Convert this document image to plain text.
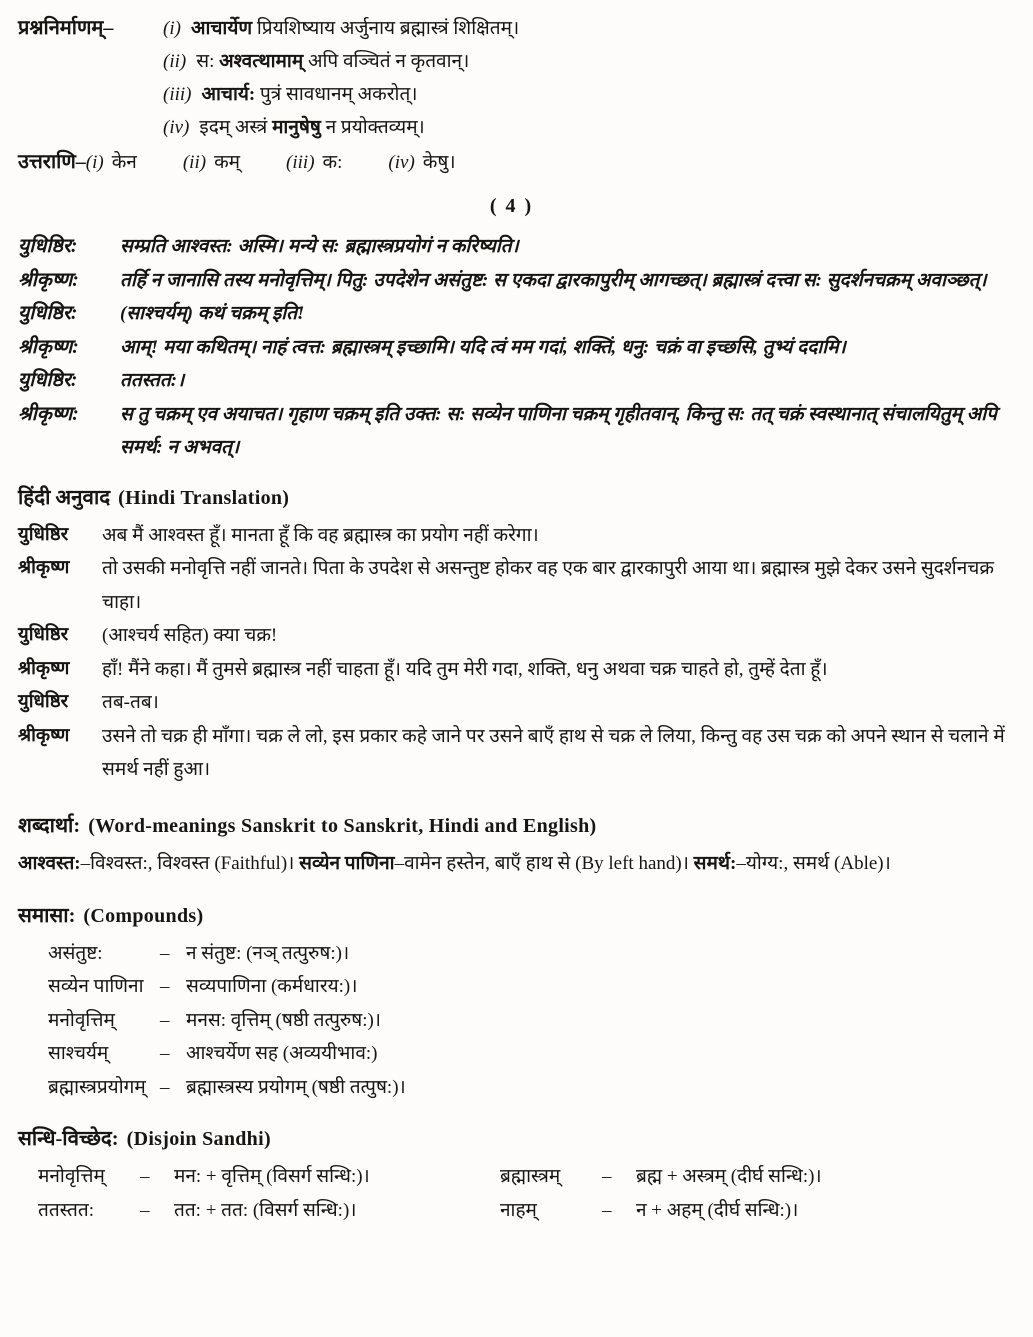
प्रश्ननिर्माणम्–	(i) आचार्येण प्रियशिष्याय अर्जुनाय ब्रह्मास्त्रं शिक्षितम्।
(ii) स: अश्वत्थामाम् अपि वञ्चितं न कृतवान्।
(iii) आचार्य: पुत्रं सावधानम् अकरोत्।
(iv) इदम् अस्त्रं मानुषेषु न प्रयोक्तव्यम्।
उत्तराणि–(i) केन (ii) कम् (iii) क: (iv) केषु।
( 4 )
युधिष्ठिर:	सम्प्रति आश्वस्त: अस्मि। मन्ये स: ब्रह्मास्त्रप्रयोगं न करिष्यति।
श्रीकृष्ण:	तर्हि न जानासि तस्य मनोवृत्तिम्। पितु: उपदेशेन असंतुष्ट: स एकदा द्वारकापुरीम् आगच्छत्। ब्रह्मास्त्रं दत्त्वा स: सुदर्शनचक्रम् अवाञ्छत्।
युधिष्ठिर:	(साश्चर्यम्) कथं चक्रम् इति!
श्रीकृष्ण:	आम्! मया कथितम्। नाहं त्वत्त: ब्रह्मास्त्रम् इच्छामि। यदि त्वं मम गदां, शक्तिं, धनु: चक्रं वा इच्छसि, तुभ्यं ददामि।
युधिष्ठिर:	ततस्तत:।
श्रीकृष्ण:	स तु चक्रम् एव अयाचत। गृहाण चक्रम् इति उक्त: स: सव्येन पाणिना चक्रम् गृहीतवान्, किन्तु स: तत् चक्रं स्वस्थानात् संचालयितुम् अपि समर्थ: न अभवत्।
हिंदी अनुवाद (Hindi Translation)
युधिष्ठिर	अब मैं आश्वस्त हूँ। मानता हूँ कि वह ब्रह्मास्त्र का प्रयोग नहीं करेगा।
श्रीकृष्ण	तो उसकी मनोवृत्ति नहीं जानते। पिता के उपदेश से असन्तुष्ट होकर वह एक बार द्वारकापुरी आया था। ब्रह्मास्त्र मुझे देकर उसने सुदर्शनचक्र चाहा।
युधिष्ठिर	(आश्चर्य सहित) क्या चक्र!
श्रीकृष्ण	हाँ! मैंने कहा। मैं तुमसे ब्रह्मास्त्र नहीं चाहता हूँ। यदि तुम मेरी गदा, शक्ति, धनु अथवा चक्र चाहते हो, तुम्हें देता हूँ।
युधिष्ठिर	तब-तब।
श्रीकृष्ण	उसने तो चक्र ही माँगा। चक्र ले लो, इस प्रकार कहे जाने पर उसने बाएँ हाथ से चक्र ले लिया, किन्तु वह उस चक्र को अपने स्थान से चलाने में समर्थ नहीं हुआ।
शब्दार्था: (Word-meanings Sanskrit to Sanskrit, Hindi and English)
आश्वस्त:–विश्वस्त:, विश्वस्त (Faithful)। सव्येन पाणिना–वामेन हस्तेन, बाएँ हाथ से (By left hand)। समर्थ:–योग्य:, समर्थ (Able)।
समासा: (Compounds)
असंतुष्ट:	– न संतुष्ट: (नञ् तत्पुरुष:)।
सव्येन पाणिना – सव्यपाणिना (कर्मधारय:)।
मनोवृत्तिम्	– मनस: वृत्तिम् (षष्ठी तत्पुरुष:)।
साश्चर्यम्	– आश्चर्येण सह (अव्ययीभाव:)
ब्रह्मास्त्रप्रयोगम् – ब्रह्मास्त्रस्य प्रयोगम् (षष्ठी तत्पुष:)।
सन्धि-विच्छेद: (Disjoin Sandhi)
मनोवृत्तिम्	–	मन: + वृत्तिम् (विसर्ग सन्धि:)।	ब्रह्मास्त्रम्	–	ब्रह्म + अस्त्रम् (दीर्घ सन्धि:)।
ततस्तत:	–	तत: + तत: (विसर्ग सन्धि:)।	नाहम्	–	न + अहम् (दीर्घ सन्धि:)।
